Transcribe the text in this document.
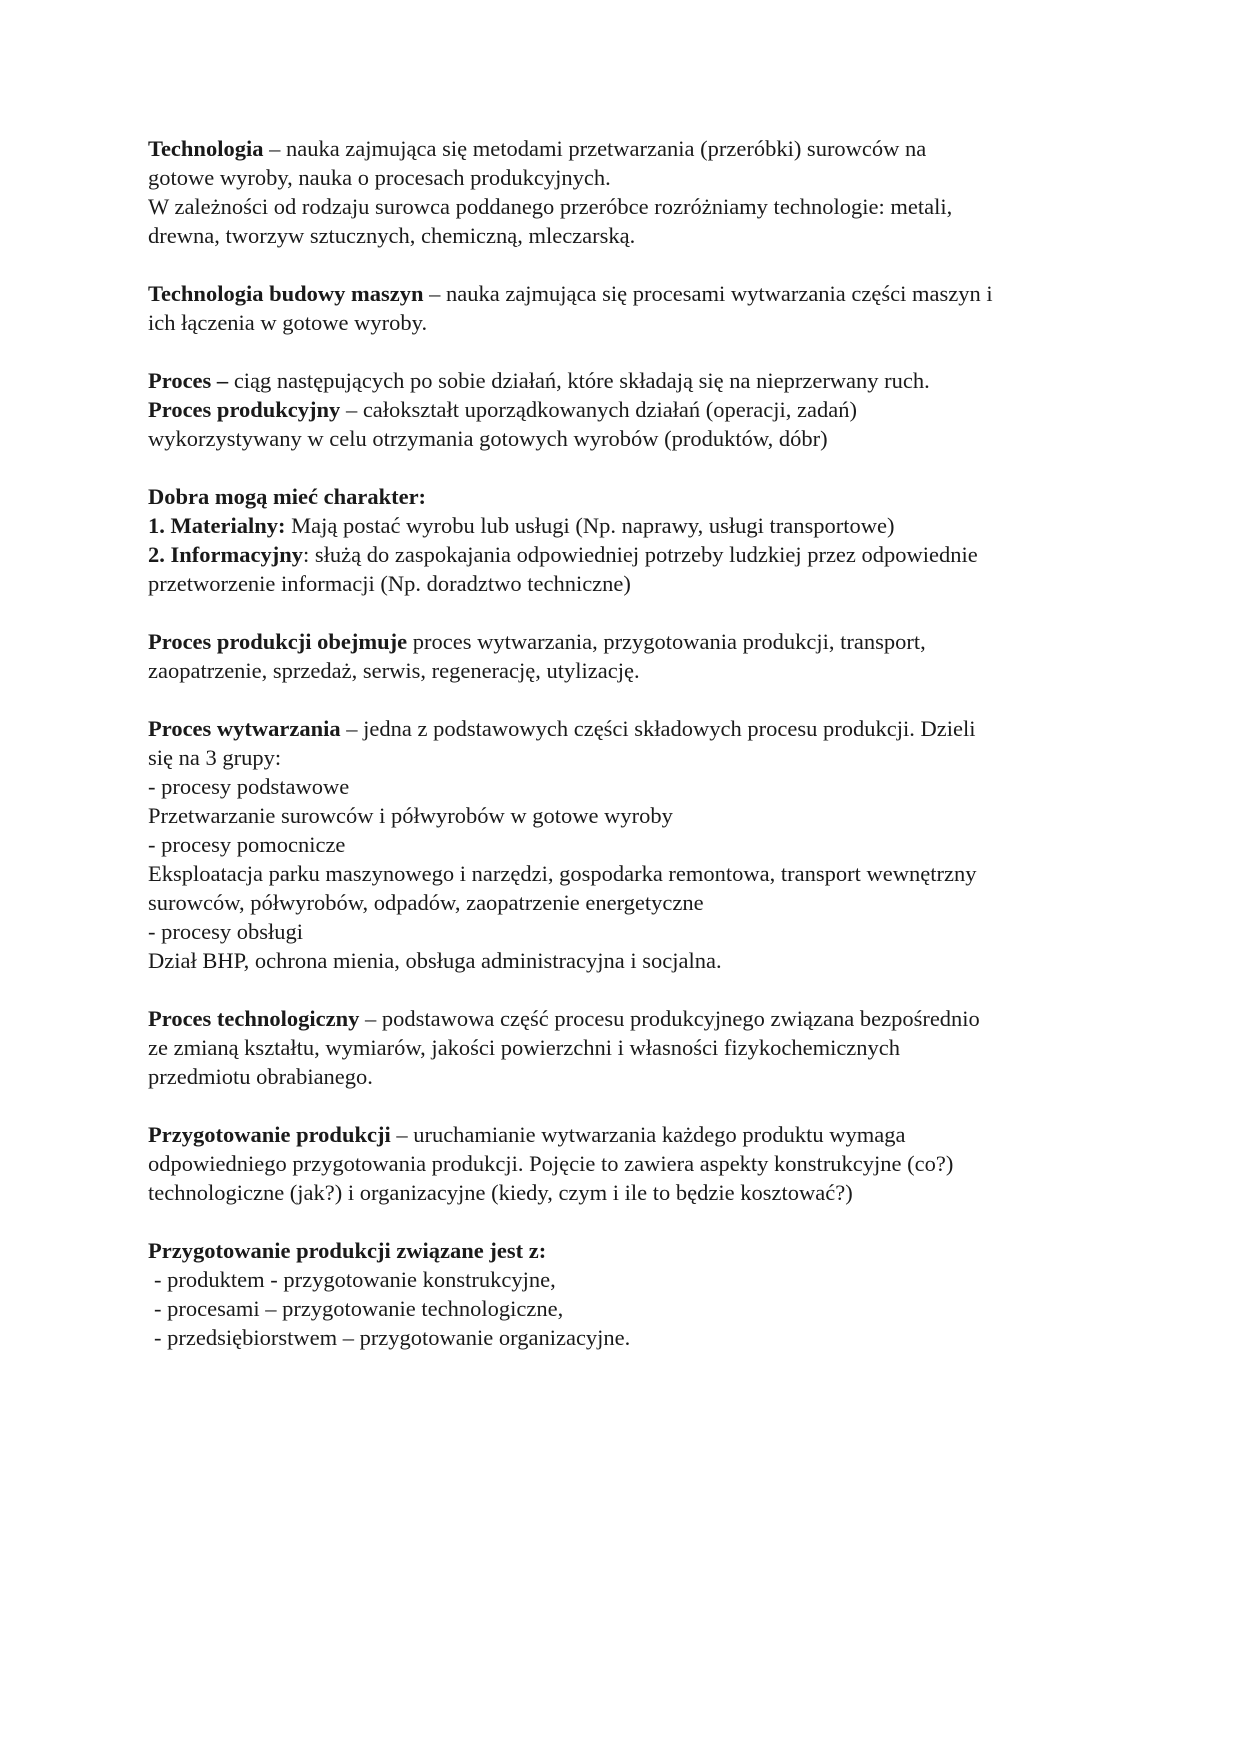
Technologia – nauka zajmująca się metodami przetwarzania (przeróbki) surowców na
gotowe wyroby, nauka o procesach produkcyjnych.
W zależności od rodzaju surowca poddanego przeróbce rozróżniamy technologie: metali,
drewna, tworzyw sztucznych, chemiczną, mleczarską.
Technologia budowy maszyn – nauka zajmująca się procesami wytwarzania części maszyn i
ich łączenia w gotowe wyroby.
Proces – ciąg następujących po sobie działań, które składają się na nieprzerwany ruch.
Proces produkcyjny – całokształt uporządkowanych działań (operacji, zadań)
wykorzystywany w celu otrzymania gotowych wyrobów (produktów, dóbr)
Dobra mogą mieć charakter:
1. Materialny: Mają postać wyrobu lub usługi (Np. naprawy, usługi transportowe)
2. Informacyjny: służą do zaspokajania odpowiedniej potrzeby ludzkiej przez odpowiednie
przetworzenie informacji (Np. doradztwo techniczne)
Proces produkcji obejmuje proces wytwarzania, przygotowania produkcji, transport,
zaopatrzenie, sprzedaż, serwis, regenerację, utylizację.
Proces wytwarzania – jedna z podstawowych części składowych procesu produkcji. Dzieli
się na 3 grupy:
- procesy podstawowe
Przetwarzanie surowców i półwyrobów w gotowe wyroby
- procesy pomocnicze
Eksploatacja parku maszynowego i narzędzi, gospodarka remontowa, transport wewnętrzny
surowców, półwyrobów, odpadów, zaopatrzenie energetyczne
- procesy obsługi
Dział BHP, ochrona mienia, obsługa administracyjna i socjalna.
Proces technologiczny – podstawowa część procesu produkcyjnego związana bezpośrednio
ze zmianą kształtu, wymiarów, jakości powierzchni i własności fizykochemicznych
przedmiotu obrabianego.
Przygotowanie produkcji – uruchamianie wytwarzania każdego produktu wymaga
odpowiedniego przygotowania produkcji. Pojęcie to zawiera aspekty konstrukcyjne (co?)
technologiczne (jak?) i organizacyjne (kiedy, czym i ile to będzie kosztować?)
Przygotowanie produkcji związane jest z:
- produktem - przygotowanie konstrukcyjne,
- procesami – przygotowanie technologiczne,
- przedsiębiorstwem – przygotowanie organizacyjne.
